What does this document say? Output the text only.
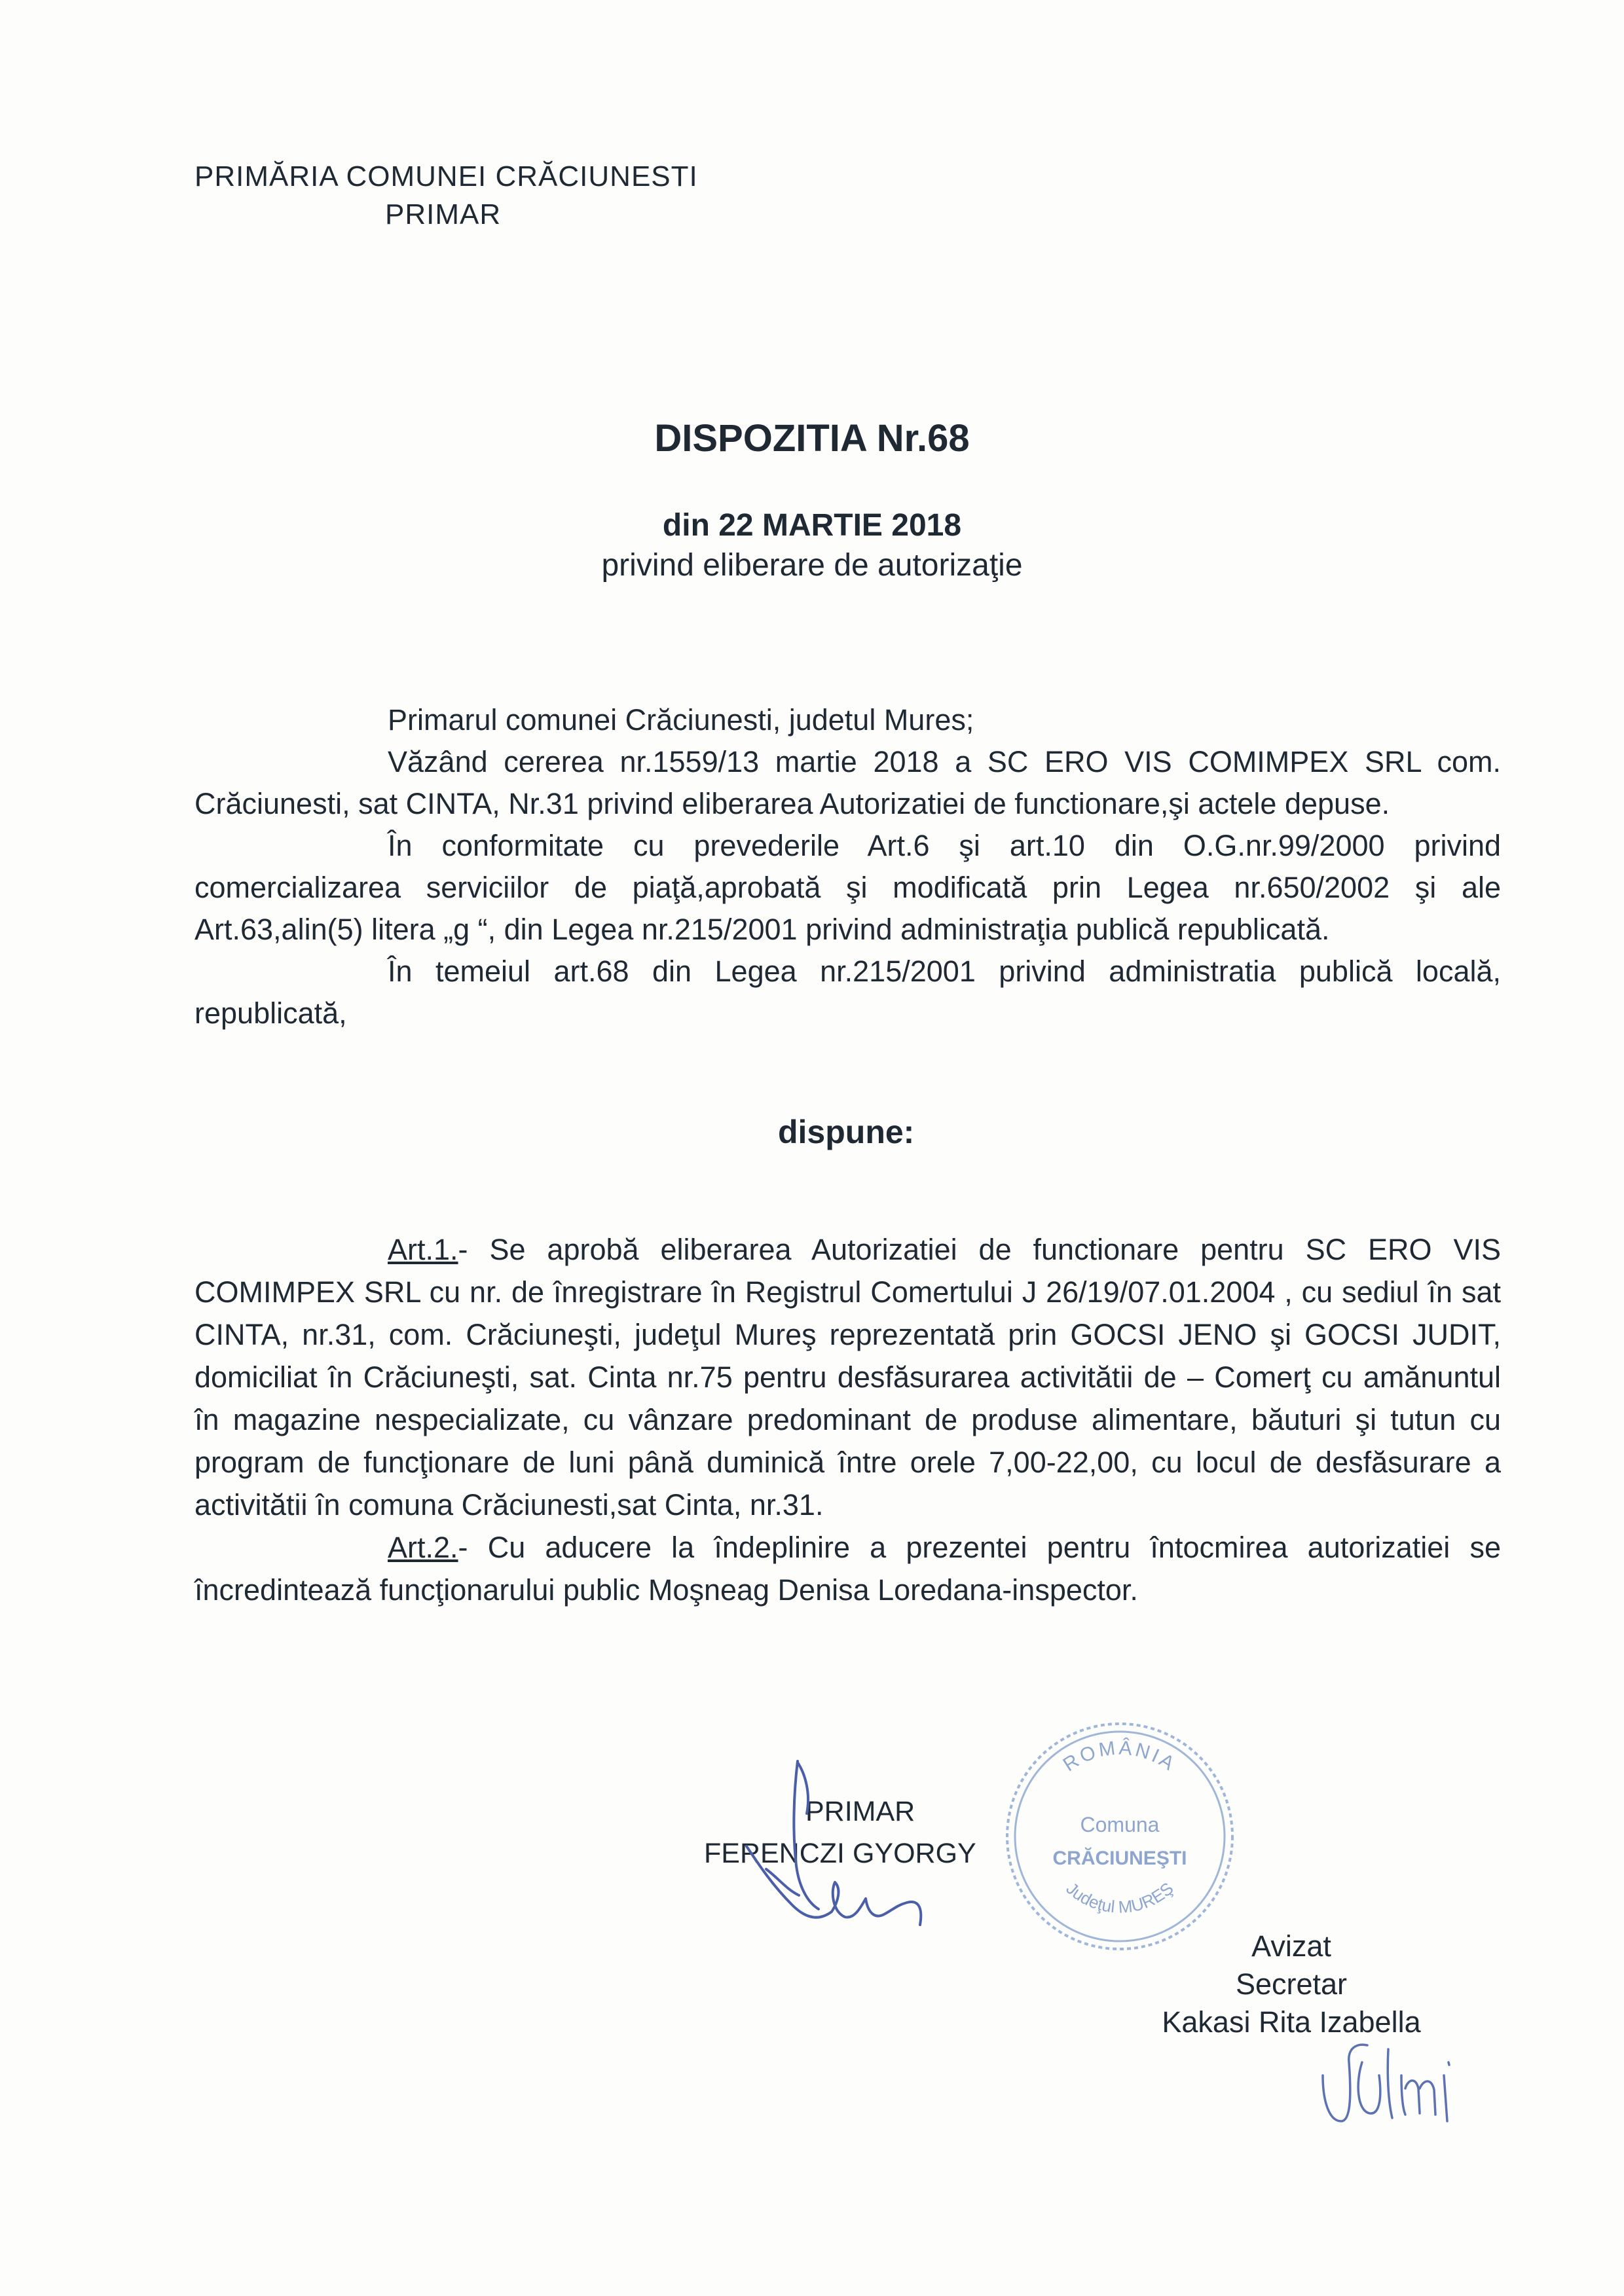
PRIMĂRIA COMUNEI CRĂCIUNESTI
PRIMAR
DISPOZITIA Nr.68
din 22 MARTIE 2018
privind eliberare de autorizaţie

Primarul comunei Crăciunesti, judetul Mures;

Văzând cererea nr.1559/13 martie 2018 a SC ERO VIS COMIMPEX SRL com. Crăciunesti, sat CINTA, Nr.31 privind eliberarea Autorizatiei de functionare,şi actele depuse.

În conformitate cu prevederile Art.6 şi art.10 din O.G.nr.99/2000 privind comercializarea serviciilor de piaţă,aprobată şi modificată prin Legea nr.650/2002 şi ale Art.63,alin(5) litera „g “, din Legea nr.215/2001 privind administraţia publică republicată.

În temeiul art.68 din Legea nr.215/2001 privind administratia publică locală, republicată,

dispune:

Art.1.- Se aprobă eliberarea Autorizatiei de functionare pentru SC ERO VIS COMIMPEX SRL cu nr. de înregistrare în Registrul Comertului J 26/19/07.01.2004 , cu sediul în sat CINTA, nr.31, com. Crăciuneşti, judeţul Mureş reprezentată prin GOCSI JENO şi GOCSI JUDIT, domiciliat în Crăciuneşti, sat. Cinta nr.75 pentru desfăsurarea activitătii de – Comerţ cu amănuntul în magazine nespecializate, cu vânzare predominant de produse alimentare, băuturi şi tutun cu program de funcţionare de luni până duminică între orele 7,00-22,00, cu locul de desfăsurare a activitătii în comuna Crăciunesti,sat Cinta, nr.31.

Art.2.- Cu aducere la îndeplinire a prezentei pentru întocmirea autorizatiei se încredintează funcţionarului public Moşneag Denisa Loredana-inspector.

PRIMAR
FERENCZI GYORGY
ROMÂNIA
Comuna
CRĂCIUNEŞTI
Judeţul MUREŞ
Avizat
Secretar
Kakasi Rita Izabella
